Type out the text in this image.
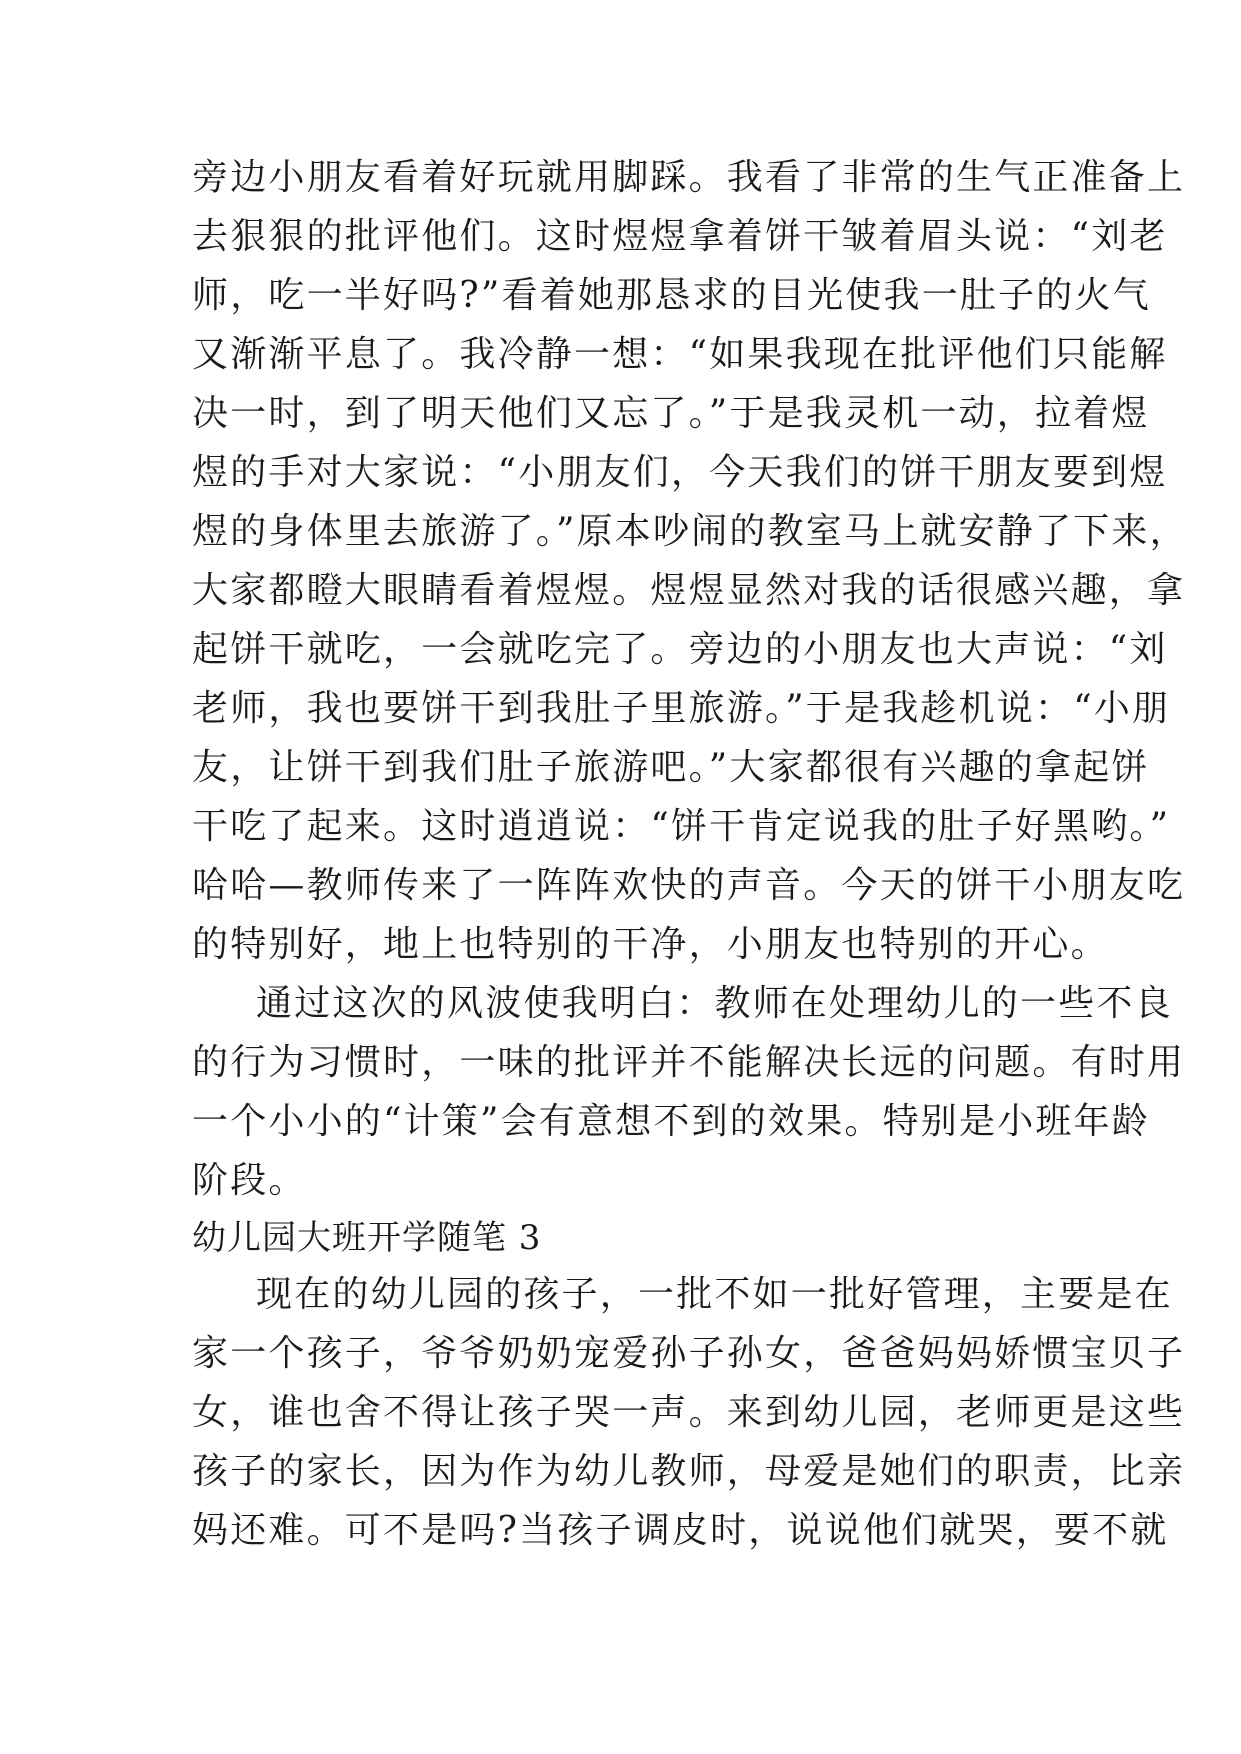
旁边小朋友看着好玩就用脚踩。我看了非常的生气正准备上
去狠狠的批评他们。这时煜煜拿着饼干皱着眉头说：“刘老
师，吃一半好吗?”看着她那恳求的目光使我一肚子的火气
又渐渐平息了。我冷静一想：“如果我现在批评他们只能解
决一时，到了明天他们又忘了。”于是我灵机一动，拉着煜
煜的手对大家说：“小朋友们，今天我们的饼干朋友要到煜
煜的身体里去旅游了。”原本吵闹的教室马上就安静了下来，
大家都瞪大眼睛看着煜煜。煜煜显然对我的话很感兴趣，拿
起饼干就吃，一会就吃完了。旁边的小朋友也大声说：“刘
老师，我也要饼干到我肚子里旅游。”于是我趁机说：“小朋
友，让饼干到我们肚子旅游吧。”大家都很有兴趣的拿起饼
干吃了起来。这时逍逍说：“饼干肯定说我的肚子好黑哟。”
哈哈—教师传来了一阵阵欢快的声音。今天的饼干小朋友吃
的特别好，地上也特别的干净，小朋友也特别的开心。
通过这次的风波使我明白：教师在处理幼儿的一些不良
的行为习惯时，一味的批评并不能解决长远的问题。有时用
一个小小的“计策”会有意想不到的效果。特别是小班年龄
阶段。
幼儿园大班开学随笔 3
现在的幼儿园的孩子，一批不如一批好管理，主要是在
家一个孩子，爷爷奶奶宠爱孙子孙女，爸爸妈妈娇惯宝贝子
女，谁也舍不得让孩子哭一声。来到幼儿园，老师更是这些
孩子的家长，因为作为幼儿教师，母爱是她们的职责，比亲
妈还难。可不是吗?当孩子调皮时，说说他们就哭，要不就
